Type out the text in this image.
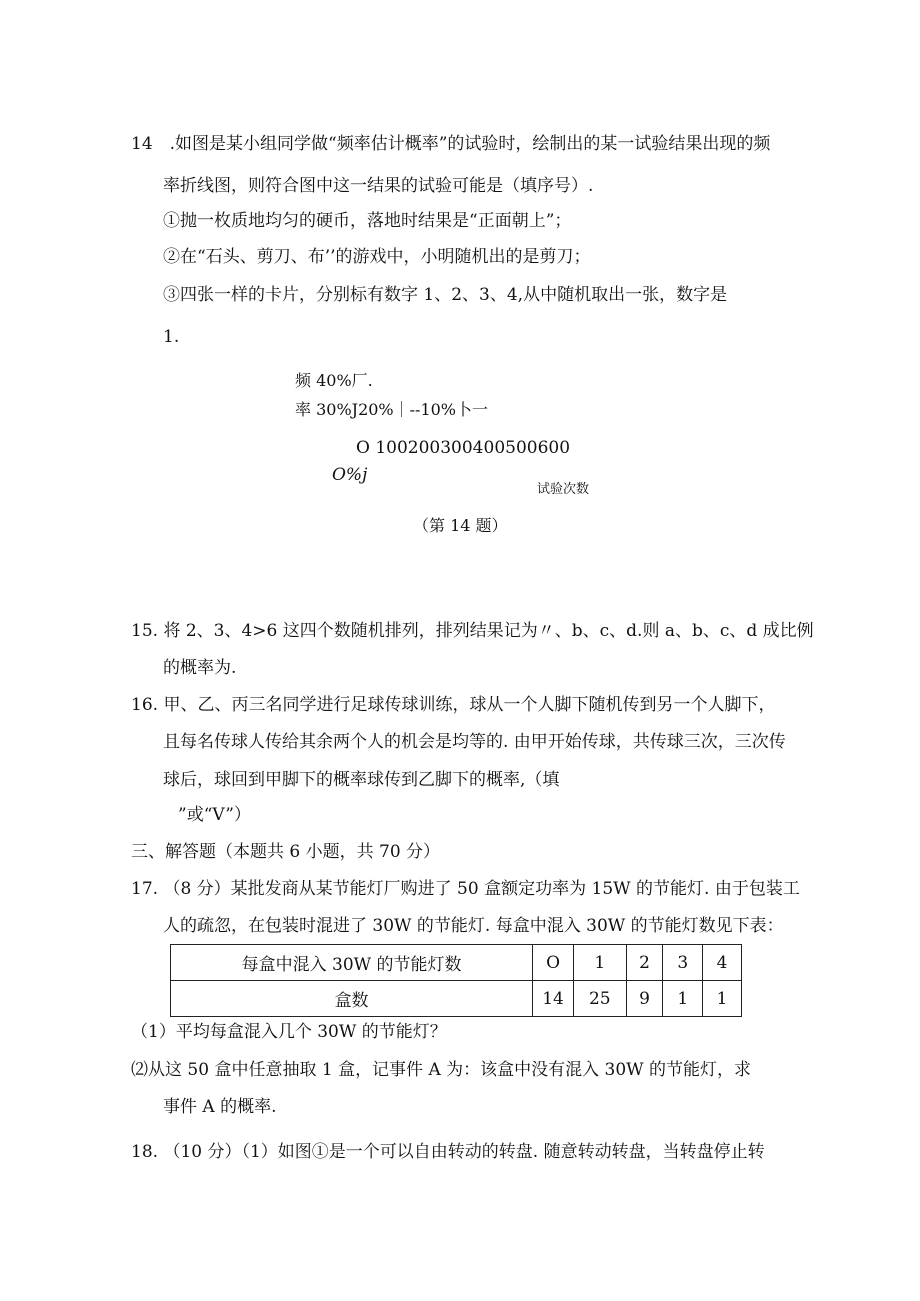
14　.如图是某小组同学做“频率估计概率”的试验时，绘制出的某一试验结果出现的频
率折线图，则符合图中这一结果的试验可能是（填序号）.
①抛一枚质地均匀的硬币，落地时结果是“正面朝上”；
②在“石头、剪刀、布’’的游戏中，小明随机出的是剪刀；
③四张一样的卡片，分别标有数字 1、2、3、4,从中随机取出一张，数字是
1.
频 40%厂.
率 30%J20%｜--10%卜一
O 100200300400500600
O%j
试验次数
（第 14 题）
15. 将 2、3、4>6 这四个数随机排列，排列结果记为〃、b、c、d.则 a、b、c、d 成比例
的概率为.
16. 甲、乙、丙三名同学进行足球传球训练，球从一个人脚下随机传到另一个人脚下，
且每名传球人传给其余两个人的机会是均等的. 由甲开始传球，共传球三次，三次传
球后，球回到甲脚下的概率球传到乙脚下的概率,（填
”或“V”）
三、解答题（本题共 6 小题，共 70 分）
17. （8 分）某批发商从某节能灯厂购进了 50 盒额定功率为 15W 的节能灯. 由于包装工
人的疏忽，在包装时混进了 30W 的节能灯. 每盒中混入 30W 的节能灯数见下表：
每盒中混入 30W 的节能灯数	O	1	2	3	4
盒数	14	25	9	1	1
（1）平均每盒混入几个 30W 的节能灯？
⑵从这 50 盒中任意抽取 1 盒，记事件 A 为：该盒中没有混入 30W 的节能灯，求
事件 A 的概率.
18. （10 分）（1）如图①是一个可以自由转动的转盘. 随意转动转盘，当转盘停止转
